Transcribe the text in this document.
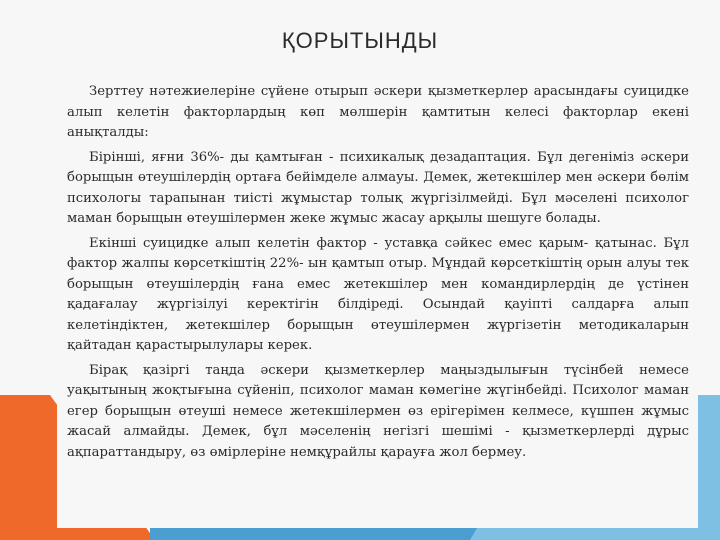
ҚОРЫТЫНДЫ

Зерттеу нәтежиелеріне сүйене отырып әскери қызметкерлер арасындағы суицидке алып келетін факторлардың көп мөлшерін қамтитын келесі факторлар екені анықталды:

Бірінші, яғни 36%- ды қамтыған - психикалық дезадаптация. Бұл дегеніміз әскери борыщын өтеушілердің ортаға бейімделе алмауы. Демек, жетекшілер мен әскери бөлім психологы тарапынан тиісті жұмыстар толық жүргізілмейді. Бұл мәселені психолог маман борыщын өтеушілермен жеке жұмыс жасау арқылы шешуге болады.

Екінші суицидке алып келетін фактор - уставқа сәйкес емес қарым- қатынас. Бұл фактор жалпы көрсеткіштің 22%- ын қамтып отыр. Мұндай көрсеткіштің орын алуы тек борыщын өтеушілердің ғана емес жетекшілер мен командирлердің де үстінен қадағалау жүргізілуі керектігін білдіреді. Осындай қауіпті салдарға алып келетіндіктен, жетекшілер борыщын өтеушілермен жүргізетін методикаларын қайтадан қарастырылулары керек.

Бірақ қазіргі таңда әскери қызметкерлер маңыздылығын түсінбей немесе уақытының жоқтығына сүйеніп, психолог маман көмегіне жүгінбейді. Психолог маман егер борыщын өтеуші немесе жетекшілермен өз ерігерімен келмесе, күшпен жұмыс жасай алмайды. Демек, бұл мәселенің негізгі шешімі - қызметкерлерді дұрыс ақпараттандыру, өз өмірлеріне немқұрайлы қарауға жол бермеу.
